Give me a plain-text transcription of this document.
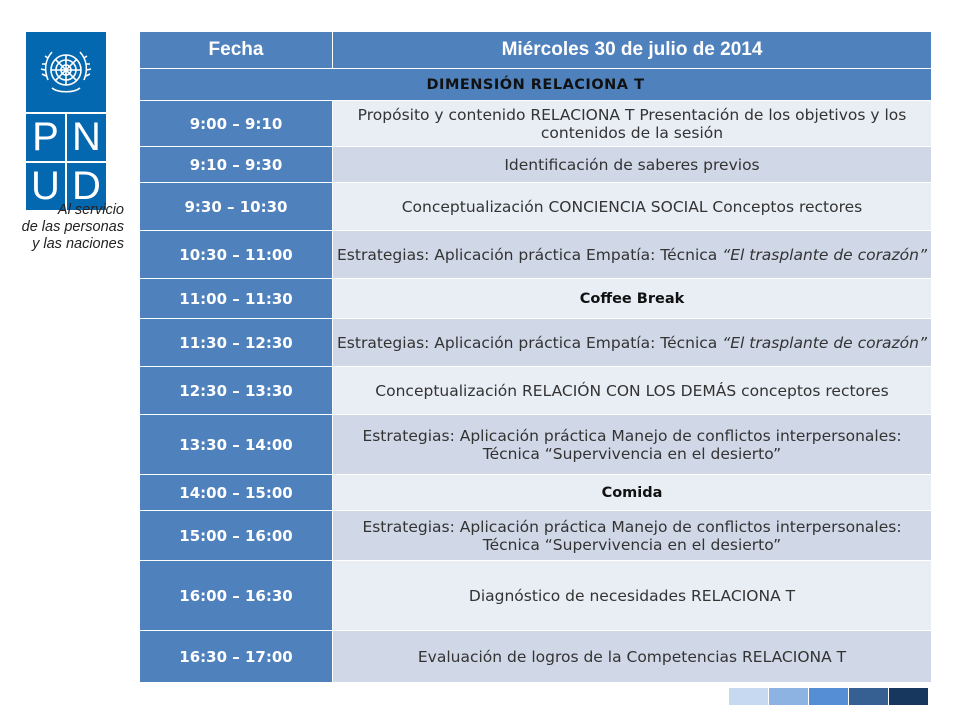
P N
U D
Al servicio
de las personas
y las naciones
Fecha	Miércoles 30 de julio de 2014
DIMENSIÓN RELACIONA T	
9:00 – 9:10	Propósito y contenido RELACIONA T Presentación de los objetivos y los contenidos de la sesión
9:10 – 9:30	Identificación de saberes previos
9:30 – 10:30	Conceptualización CONCIENCIA SOCIAL Conceptos rectores
10:30 – 11:00	Estrategias: Aplicación práctica Empatía: Técnica “El trasplante de corazón”
11:00 – 11:30	Coffee Break
11:30 – 12:30	Estrategias: Aplicación práctica Empatía: Técnica “El trasplante de corazón”
12:30 – 13:30	Conceptualización RELACIÓN CON LOS DEMÁS conceptos rectores
13:30 – 14:00	Estrategias: Aplicación práctica Manejo de conflictos interpersonales: Técnica “Supervivencia en el desierto”
14:00 – 15:00	Comida
15:00 – 16:00	Estrategias: Aplicación práctica Manejo de conflictos interpersonales: Técnica “Supervivencia en el desierto”
16:00 – 16:30	Diagnóstico de necesidades RELACIONA T
16:30 – 17:00	Evaluación de logros de la Competencias RELACIONA T
